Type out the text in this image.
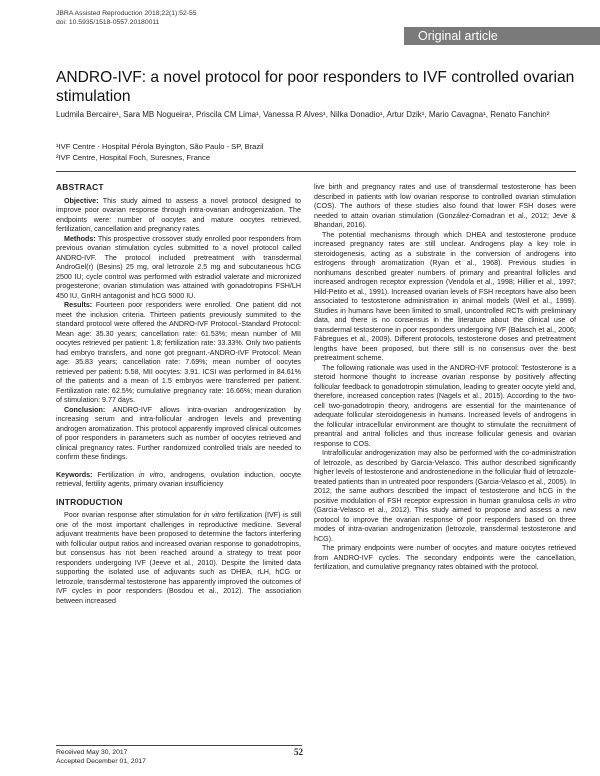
JBRA Assisted Reproduction 2018;22(1):52-55
doi: 10.5935/1518-0557.20180011
Original article
ANDRO-IVF: a novel protocol for poor responders to IVF controlled ovarian stimulation
Ludmila Bercaire¹, Sara MB Nogueira¹, Priscila CM Lima¹, Vanessa R Alves¹, Nilka Donadio¹, Artur Dzik¹, Mario Cavagna¹, Renato Fanchin²
¹IVF Centre - Hospital Pérola Byington, São Paulo - SP, Brazil
²IVF Centre, Hospital Foch, Suresnes, France
ABSTRACT

Objective: This study aimed to assess a novel protocol designed to improve poor ovarian response through intra-ovarian androgenization. The endpoints were: number of oocytes and mature oocytes retrieved, fertilization, cancellation and pregnancy rates.

Methods: This prospective crossover study enrolled poor responders from previous ovarian stimulation cycles submitted to a novel protocol called ANDRO-IVF. The protocol included pretreatment with transdermal AndroGel(r) (Besins) 25 mg, oral letrozole 2.5 mg and subcutaneous hCG 2500 IU; cycle control was performed with estradiol valerate and micronized progesterone; ovarian stimulation was attained with gonadotropins FSH/LH 450 IU, GnRH antagonist and hCG 5000 IU.

Results: Fourteen poor responders were enrolled. One patient did not meet the inclusion criteria. Thirteen patients previously summited to the standard protocol were offered the ANDRO-IVF Protocol.-Standard Protocol: Mean age: 35.30 years; cancellation rate: 61.53%; mean number of MII oocytes retrieved per patient: 1.8; fertilization rate: 33.33%. Only two patients had embryo transfers, and none got pregnant.-ANDRO-IVF Protocol: Mean age: 35.83 years; cancellation rate: 7.69%; mean number of oocytes retrieved per patient: 5.58, MII oocytes: 3.91. ICSI was performed in 84.61% of the patients and a mean of 1.5 embryos were transferred per patient. Fertilization rate: 62.5%; cumulative pregnancy rate: 16.66%; mean duration of stimulation: 9.77 days.

Conclusion: ANDRO-IVF allows intra-ovarian androgenization by increasing serum and intra-follicular androgen levels and preventing androgen aromatization. This protocol apparently improved clinical outcomes of poor responders in parameters such as number of oocytes retrieved and clinical pregnancy rates. Further randomized controlled trials are needed to confirm these findings.

Keywords: Fertilization in vitro, androgens, ovulation induction, oocyte retrieval, fertility agents, primary ovarian insufficiency

INTRODUCTION

Poor ovarian response after stimulation for in vitro fertilization (IVF) is still one of the most important challenges in reproductive medicine. Several adjuvant treatments have been proposed to determine the factors interfering with follicular output ratios and increased ovarian response to gonadotropins, but consensus has not been reached around a strategy to treat poor responders undergoing IVF (Jeeve et al., 2010). Despite the limited data supporting the isolated use of adjuvants such as DHEA, rLH, hCG or letrozole, transdermal testosterone has apparently improved the outcomes of IVF cycles in poor responders (Bosdou et al., 2012). The association between increased

live birth and pregnancy rates and use of transdermal testosterone has been described in patients with low ovarian response to controlled ovarian stimulation (COS). The authors of these studies also found that lower FSH doses were needed to attain ovarian stimulation (González-Comadran et al., 2012; Jeve & Bhandari, 2016).

The potential mechanisms through which DHEA and testosterone produce increased pregnancy rates are still unclear. Androgens play a key role in steroidogenesis, acting as a substrate in the conversion of androgens into estrogens through aromatization (Ryan et al., 1968). Previous studies in nonhumans described greater numbers of primary and preantral follicles and increased androgen receptor expression (Vendola et al., 1998; Hillier et al., 1997; Hild-Petito et al., 1991). Increased ovarian levels of FSH receptors have also been associated to testosterone administration in animal models (Weil et al., 1999). Studies in humans have been limited to small, uncontrolled RCTs with preliminary data, and there is no consensus in the literature about the clinical use of transdermal testosterone in poor responders undergoing IVF (Balasch et al., 2006; Fábregues et al., 2009). Different protocols, testosterone doses and pretreatment lengths have been proposed, but there still is no consensus over the best pretreatment scheme.

The following rationale was used in the ANDRO-IVF protocol: Testosterone is a steroid hormone thought to increase ovarian response by positively affecting follicular feedback to gonadotropin stimulation, leading to greater oocyte yield and, therefore, increased conception rates (Nagels et al., 2015). According to the two-cell two-gonadotropin theory, androgens are essential for the maintenance of adequate follicular steroidogenesis in humans. Increased levels of androgens in the follicular intracellular environment are thought to stimulate the recruitment of preantral and antral follicles and thus increase follicular genesis and ovarian response to COS.

Intrafollicular androgenization may also be performed with the co-administration of letrozole, as described by Garcia-Velasco. This author described significantly higher levels of testosterone and androstenedione in the follicular fluid of letrozole-treated patients than in untreated poor responders (Garcia-Velasco et al., 2005). In 2012, the same authors described the impact of testosterone and hCG in the positive modulation of FSH receptor expression in human granulosa cells in vitro (Garcia-Velasco et al., 2012). This study aimed to propose and assess a new protocol to improve the ovarian response of poor responders based on three modes of intra-ovarian androgenization (letrozole, transdermal testosterone and hCG).

The primary endpoints were number of oocytes and mature oocytes retrieved from ANDRO-IVF cycles. The secondary endpoints were the cancellation, fertilization, and cumulative pregnancy rates obtained with the protocol.

Received May 30, 2017
Accepted December 01, 2017
52
